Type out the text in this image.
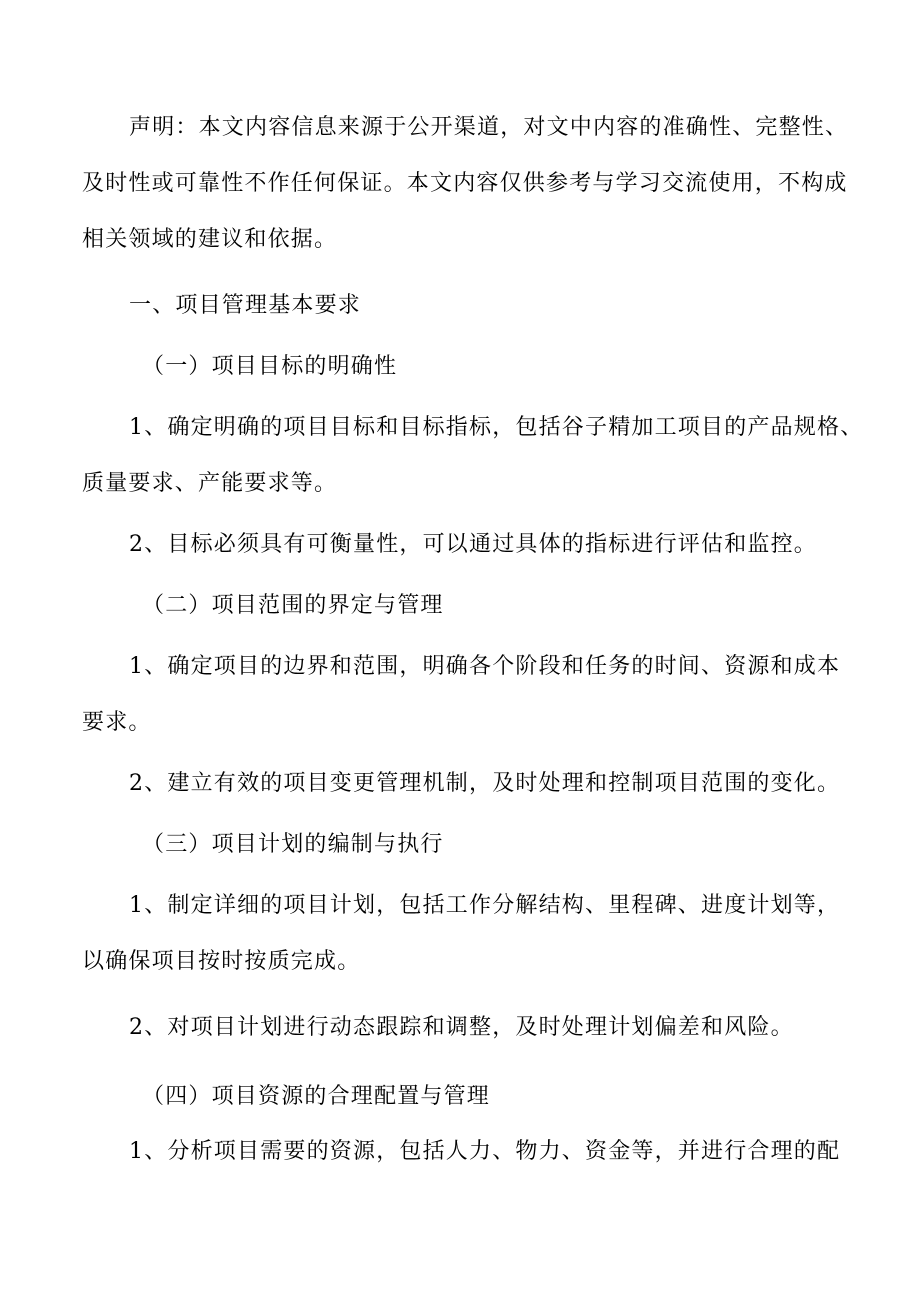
声明：本文内容信息来源于公开渠道，对文中内容的准确性、完整性、
及时性或可靠性不作任何保证。本文内容仅供参考与学习交流使用，不构成
相关领域的建议和依据。
一、项目管理基本要求
（一）项目目标的明确性
1、确定明确的项目目标和目标指标，包括谷子精加工项目的产品规格、
质量要求、产能要求等。
2、目标必须具有可衡量性，可以通过具体的指标进行评估和监控。
（二）项目范围的界定与管理
1、确定项目的边界和范围，明确各个阶段和任务的时间、资源和成本
要求。
2、建立有效的项目变更管理机制，及时处理和控制项目范围的变化。
（三）项目计划的编制与执行
1、制定详细的项目计划，包括工作分解结构、里程碑、进度计划等，
以确保项目按时按质完成。
2、对项目计划进行动态跟踪和调整，及时处理计划偏差和风险。
（四）项目资源的合理配置与管理
1、分析项目需要的资源，包括人力、物力、资金等，并进行合理的配
